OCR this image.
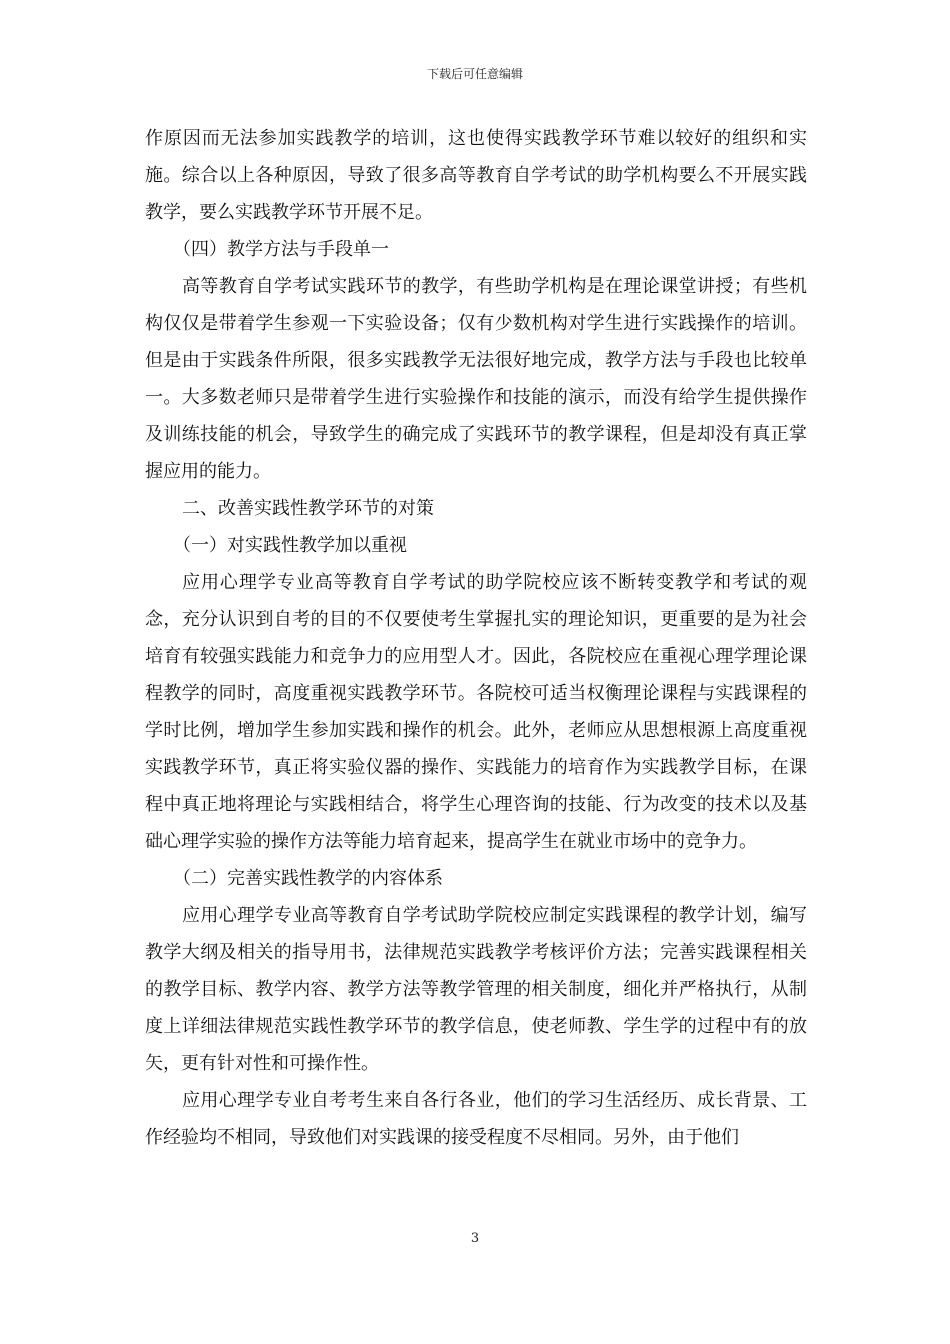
下载后可任意编辑

作原因而无法参加实践教学的培训，这也使得实践教学环节难以较好的组织和实施。综合以上各种原因，导致了很多高等教育自学考试的助学机构要么不开展实践教学，要么实践教学环节开展不足。

（四）教学方法与手段单一

高等教育自学考试实践环节的教学，有些助学机构是在理论课堂讲授；有些机构仅仅是带着学生参观一下实验设备；仅有少数机构对学生进行实践操作的培训。但是由于实践条件所限，很多实践教学无法很好地完成，教学方法与手段也比较单一。大多数老师只是带着学生进行实验操作和技能的演示，而没有给学生提供操作及训练技能的机会，导致学生的确完成了实践环节的教学课程，但是却没有真正掌握应用的能力。

二、改善实践性教学环节的对策

（一）对实践性教学加以重视

应用心理学专业高等教育自学考试的助学院校应该不断转变教学和考试的观念，充分认识到自考的目的不仅要使考生掌握扎实的理论知识，更重要的是为社会培育有较强实践能力和竞争力的应用型人才。因此，各院校应在重视心理学理论课程教学的同时，高度重视实践教学环节。各院校可适当权衡理论课程与实践课程的学时比例，增加学生参加实践和操作的机会。此外，老师应从思想根源上高度重视实践教学环节，真正将实验仪器的操作、实践能力的培育作为实践教学目标，在课程中真正地将理论与实践相结合，将学生心理咨询的技能、行为改变的技术以及基础心理学实验的操作方法等能力培育起来，提高学生在就业市场中的竞争力。

（二）完善实践性教学的内容体系

应用心理学专业高等教育自学考试助学院校应制定实践课程的教学计划，编写教学大纲及相关的指导用书，法律规范实践教学考核评价方法；完善实践课程相关的教学目标、教学内容、教学方法等教学管理的相关制度，细化并严格执行，从制度上详细法律规范实践性教学环节的教学信息，使老师教、学生学的过程中有的放矢，更有针对性和可操作性。

应用心理学专业自考考生来自各行各业，他们的学习生活经历、成长背景、工作经验均不相同，导致他们对实践课的接受程度不尽相同。另外，由于他们

3
